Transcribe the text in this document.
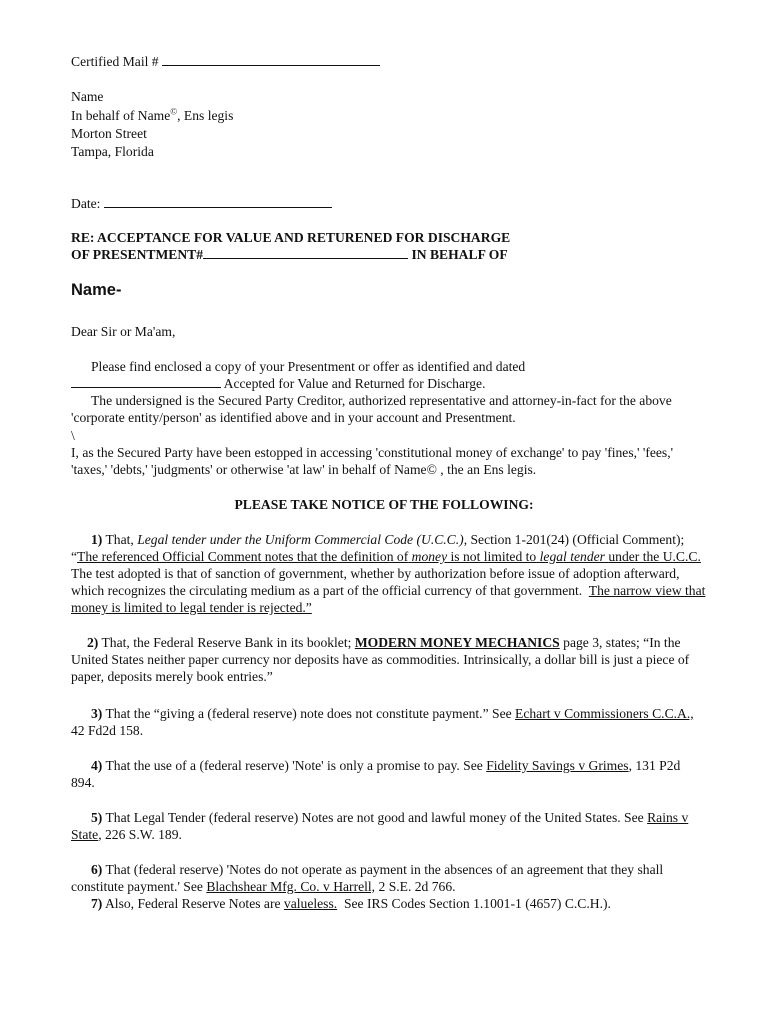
Certified Mail #
Name
In behalf of Name©, Ens legis
Morton Street
Tampa, Florida
Date:
RE: ACCEPTANCE FOR VALUE AND RETURENED FOR DISCHARGE
OF PRESENTMENT#	IN BEHALF OF
Name-
Dear Sir or Ma'am,
Please find enclosed a copy of your Presentment or offer as identified and dated
Accepted for Value and Returned for Discharge.
The undersigned is the Secured Party Creditor, authorized representative and attorney-in-fact for the above 'corporate entity/person' as identified above and in your account and Presentment.
\
I, as the Secured Party have been estopped in accessing 'constitutional money of exchange' to pay 'fines,' 'fees,' 'taxes,' 'debts,' 'judgments' or otherwise 'at law' in behalf of Name© , the an Ens legis.
PLEASE TAKE NOTICE OF THE FOLLOWING:
1) That, Legal tender under the Uniform Commercial Code (U.C.C.), Section 1-201(24) (Official Comment); “The referenced Official Comment notes that the definition of money is not limited to legal tender under the U.C.C.  The test adopted is that of sanction of government, whether by authorization before issue of adoption afterward, which recognizes the circulating medium as a part of the official currency of that government. The narrow view that money is limited to legal tender is rejected.”
2) That, the Federal Reserve Bank in its booklet; MODERN MONEY MECHANICS page 3, states; “In the United States neither paper currency nor deposits have as commodities. Intrinsically, a dollar bill is just a piece of paper, deposits merely book entries.”
3) That the “giving a (federal reserve) note does not constitute payment.” See Echart v Commissioners C.C.A.,  42 Fd2d 158.
4) That the use of a (federal reserve) 'Note' is only a promise to pay. See Fidelity Savings v Grimes, 131 P2d 894.
5) That Legal Tender (federal reserve) Notes are not good and lawful money of the United States. See Rains v State, 226 S.W. 189.
6) That (federal reserve) 'Notes do not operate as payment in the absences of an agreement that they shall constitute payment.' See Blachshear Mfg. Co. v Harrell, 2 S.E. 2d 766.
7) Also, Federal Reserve Notes are valueless. See IRS Codes Section 1.1001-1 (4657) C.C.H.).
